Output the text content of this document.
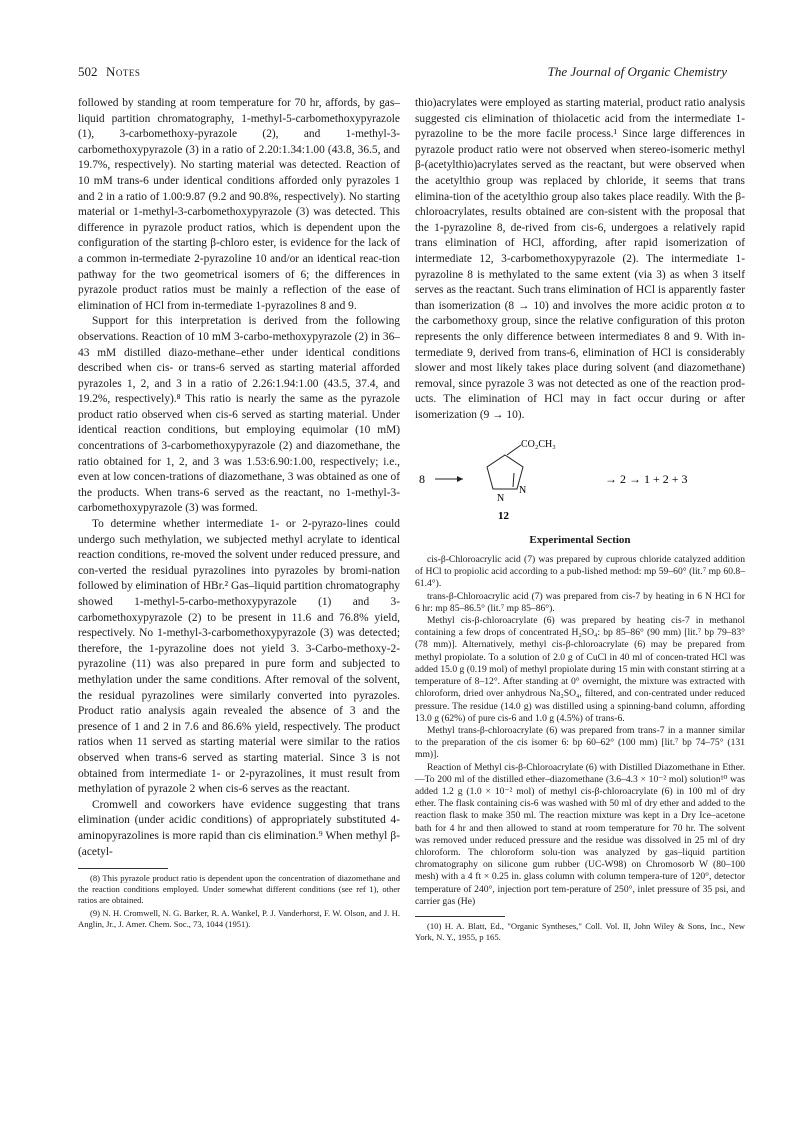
502 Notes	The Journal of Organic Chemistry

followed by standing at room temperature for 70 hr, affords, by gas–liquid partition chromatography, 1-methyl-5-carbomethoxypyrazole (1), 3-carbomethoxy-pyrazole (2), and 1-methyl-3-carbomethoxypyrazole (3) in a ratio of 2.20:1.34:1.00 (43.8, 36.5, and 19.7%, respectively). No starting material was detected. Reaction of 10 mM trans-6 under identical conditions afforded only pyrazoles 1 and 2 in a ratio of 1.00:9.87 (9.2 and 90.8%, respectively). No starting material or 1-methyl-3-carbomethoxypyrazole (3) was detected. This difference in pyrazole product ratios, which is dependent upon the configuration of the starting β-chloro ester, is evidence for the lack of a common in-termediate 2-pyrazoline 10 and/or an identical reac-tion pathway for the two geometrical isomers of 6; the differences in pyrazole product ratios must be mainly a reflection of the ease of elimination of HCl from in-termediate 1-pyrazolines 8 and 9.

Support for this interpretation is derived from the following observations. Reaction of 10 mM 3-carbo-methoxypyrazole (2) in 36–43 mM distilled diazo-methane–ether under identical conditions described when cis- or trans-6 served as starting material afforded pyrazoles 1, 2, and 3 in a ratio of 2.26:1.94:1.00 (43.5, 37.4, and 19.2%, respectively).⁸ This ratio is nearly the same as the pyrazole product ratio observed when cis-6 served as starting material. Under identical reaction conditions, but employing equimolar (10 mM) concentrations of 3-carbomethoxypyrazole (2) and diazomethane, the ratio obtained for 1, 2, and 3 was 1.53:6.90:1.00, respectively; i.e., even at low concen-trations of diazomethane, 3 was obtained as one of the products. When trans-6 served as the reactant, no 1-methyl-3-carbomethoxypyrazole (3) was formed.

To determine whether intermediate 1- or 2-pyrazo-lines could undergo such methylation, we subjected methyl acrylate to identical reaction conditions, re-moved the solvent under reduced pressure, and con-verted the residual pyrazolines into pyrazoles by bromi-nation followed by elimination of HBr.² Gas–liquid partition chromatography showed 1-methyl-5-carbo-methoxypyrazole (1) and 3-carbomethoxypyrazole (2) to be present in 11.6 and 76.8% yield, respectively. No 1-methyl-3-carbomethoxypyrazole (3) was detected; therefore, the 1-pyrazoline does not yield 3. 3-Carbo-methoxy-2-pyrazoline (11) was also prepared in pure form and subjected to methylation under the same conditions. After removal of the solvent, the residual pyrazolines were similarly converted into pyrazoles. Product ratio analysis again revealed the absence of 3 and the presence of 1 and 2 in 7.6 and 86.6% yield, respectively. The product ratios when 11 served as starting material were similar to the ratios observed when trans-6 served as starting material. Since 3 is not obtained from intermediate 1- or 2-pyrazolines, it must result from methylation of pyrazole 2 when cis-6 serves as the reactant.

Cromwell and coworkers have evidence suggesting that trans elimination (under acidic conditions) of appropriately substituted 4-aminopyrazolines is more rapid than cis elimination.⁹ When methyl β-(acetyl-

(8) This pyrazole product ratio is dependent upon the concentration of diazomethane and the reaction conditions employed. Under somewhat different conditions (see ref 1), other ratios are obtained.

(9) N. H. Cromwell, N. G. Barker, R. A. Wankel, P. J. Vanderhorst, F. W. Olson, and J. H. Anglin, Jr., J. Amer. Chem. Soc., 73, 1044 (1951).

thio)acrylates were employed as starting material, product ratio analysis suggested cis elimination of thiolacetic acid from the intermediate 1-pyrazoline to be the more facile process.¹ Since large differences in pyrazole product ratio were not observed when stereo-isomeric methyl β-(acetylthio)acrylates served as the reactant, but were observed when the acetylthio group was replaced by chloride, it seems that trans elimina-tion of the acetylthio group also takes place readily. With the β-chloroacrylates, results obtained are con-sistent with the proposal that the 1-pyrazoline 8, de-rived from cis-6, undergoes a relatively rapid trans elimination of HCl, affording, after rapid isomerization of intermediate 12, 3-carbomethoxypyrazole (2). The intermediate 1-pyrazoline 8 is methylated to the same extent (via 3) as when 3 itself serves as the reactant. Such trans elimination of HCl is apparently faster than isomerization (8 → 10) and involves the more acidic proton α to the carbomethoxy group, since the relative configuration of this proton represents the only difference between intermediates 8 and 9. With in-termediate 9, derived from trans-6, elimination of HCl is considerably slower and most likely takes place during solvent (and diazomethane) removal, since pyrazole 3 was not detected as one of the reaction prod-ucts. The elimination of HCl may in fact occur during or after isomerization (9 → 10).

8
CO₂CH₃
N
N
12
→ 2 → 1 + 2 + 3
Experimental Section

cis-β-Chloroacrylic acid (7) was prepared by cuprous chloride catalyzed addition of HCl to propiolic acid according to a pub-lished method: mp 59–60° (lit.⁷ mp 60.8–61.4°).

trans-β-Chloroacrylic acid (7) was prepared from cis-7 by heating in 6 N HCl for 6 hr: mp 85–86.5° (lit.⁷ mp 85–86°).

Methyl cis-β-chloroacrylate (6) was prepared by heating cis-7 in methanol containing a few drops of concentrated H₂SO₄: bp 85–86° (90 mm) [lit.⁷ bp 79–83° (78 mm)]. Alternatively, methyl cis-β-chloroacrylate (6) may be prepared from methyl propiolate. To a solution of 2.0 g of CuCl in 40 ml of concen-trated HCl was added 15.0 g (0.19 mol) of methyl propiolate during 15 min with constant stirring at a temperature of 8–12°. After standing at 0° overnight, the mixture was extracted with chloroform, dried over anhydrous Na₂SO₄, filtered, and con-centrated under reduced pressure. The residue (14.0 g) was distilled using a spinning-band column, affording 13.0 g (62%) of pure cis-6 and 1.0 g (4.5%) of trans-6.

Methyl trans-β-chloroacrylate (6) was prepared from trans-7 in a manner similar to the preparation of the cis isomer 6: bp 60–62° (100 mm) [lit.⁷ bp 74–75° (131 mm)].

Reaction of Methyl cis-β-Chloroacrylate (6) with Distilled Diazomethane in Ether.—To 200 ml of the distilled ether–diazomethane (3.6–4.3 × 10⁻² mol) solution¹⁰ was added 1.2 g (1.0 × 10⁻² mol) of methyl cis-β-chloroacrylate (6) in 100 ml of dry ether. The flask containing cis-6 was washed with 50 ml of dry ether and added to the reaction flask to make 350 ml. The reaction mixture was kept in a Dry Ice–acetone bath for 4 hr and then allowed to stand at room temperature for 70 hr. The solvent was removed under reduced pressure and the residue was dissolved in 25 ml of dry chloroform. The chloroform solu-tion was analyzed by gas–liquid partition chromatography on silicone gum rubber (UC-W98) on Chromosorb W (80–100 mesh) with a 4 ft × 0.25 in. glass column with column tempera-ture of 120°, detector temperature of 240°, injection port tem-perature of 250°, inlet pressure of 35 psi, and carrier gas (He)

(10) H. A. Blatt, Ed., "Organic Syntheses," Coll. Vol. II, John Wiley & Sons, Inc., New York, N. Y., 1955, p 165.
